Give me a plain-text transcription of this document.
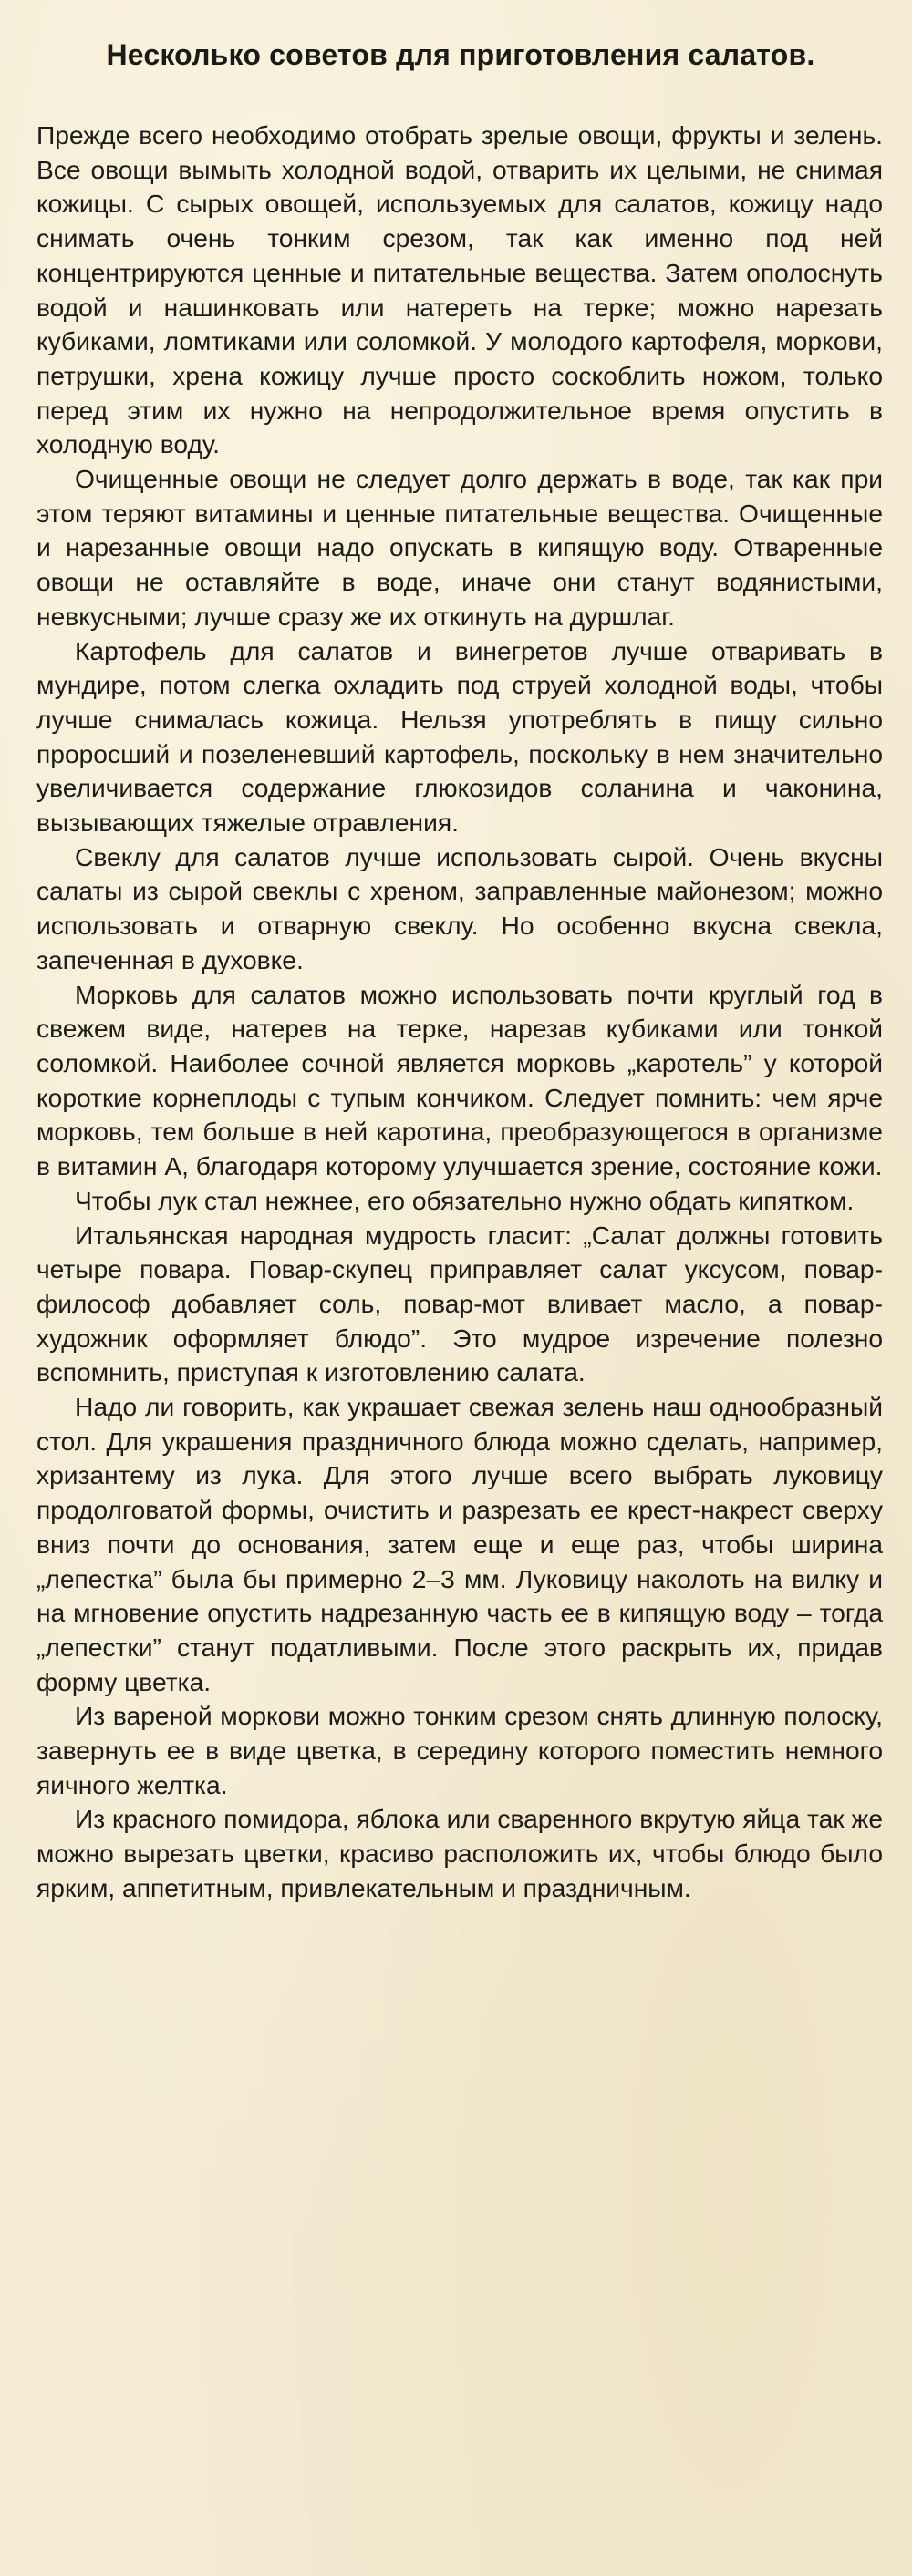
Несколько советов для приготовления салатов.

Прежде всего необходимо отобрать зрелые овощи, фрукты и зелень. Все овощи вымыть холодной водой, отварить их целыми, не снимая кожицы. С сырых овощей, используемых для салатов, кожицу надо снимать очень тонким срезом, так как именно под ней концентрируются ценные и питательные вещества. Затем ополоснуть водой и нашинковать или натереть на терке; можно нарезать кубиками, ломтиками или соломкой. У молодого картофеля, моркови, петрушки, хрена кожицу лучше просто соскоблить ножом, только перед этим их нужно на непродолжительное время опустить в холодную воду.

Очищенные овощи не следует долго держать в воде, так как при этом теряют витамины и ценные питательные вещества. Очищенные и нарезанные овощи надо опускать в кипящую воду. Отваренные овощи не оставляйте в воде, иначе они станут водянистыми, невкусными; лучше сразу же их откинуть на дуршлаг.

Картофель для салатов и винегретов лучше отваривать в мундире, потом слегка охладить под струей холодной воды, чтобы лучше снималась кожица. Нельзя употреблять в пищу сильно проросший и позеленевший картофель, поскольку в нем значительно увеличивается содержание глюкозидов соланина и чаконина, вызывающих тяжелые отравления.

Свеклу для салатов лучше использовать сырой. Очень вкусны салаты из сырой свеклы с хреном, заправленные майонезом; можно использовать и отварную свеклу. Но особенно вкусна свекла, запеченная в духовке.

Морковь для салатов можно использовать почти круглый год в свежем виде, натерев на терке, нарезав кубиками или тонкой соломкой. Наиболее сочной является морковь „каротель” у которой короткие корнеплоды с тупым кончиком. Следует помнить: чем ярче морковь, тем больше в ней каротина, преобразующегося в организме в витамин А, благодаря которому улучшается зрение, состояние кожи.

Чтобы лук стал нежнее, его обязательно нужно обдать кипятком.

Итальянская народная мудрость гласит: „Салат должны готовить четыре повара. Повар-скупец приправляет салат уксусом, повар-философ добавляет соль, повар-мот вливает масло, а повар-художник оформляет блюдо”. Это мудрое изречение полезно вспомнить, приступая к изготовлению салата.

Надо ли говорить, как украшает свежая зелень наш однообразный стол. Для украшения праздничного блюда можно сделать, например, хризантему из лука. Для этого лучше всего выбрать луковицу продолговатой формы, очистить и разрезать ее крест-накрест сверху вниз почти до основания, затем еще и еще раз, чтобы ширина „лепестка” была бы примерно 2–3 мм. Луковицу наколоть на вилку и на мгновение опустить надрезанную часть ее в кипящую воду – тогда „лепестки” станут податливыми. После этого раскрыть их, придав форму цветка.

Из вареной моркови можно тонким срезом снять длинную полоску, завернуть ее в виде цветка, в середину которого поместить немного яичного желтка.

Из красного помидора, яблока или сваренного вкрутую яйца так же можно вырезать цветки, красиво расположить их, чтобы блюдо было ярким, аппетитным, привлекательным и праздничным.
